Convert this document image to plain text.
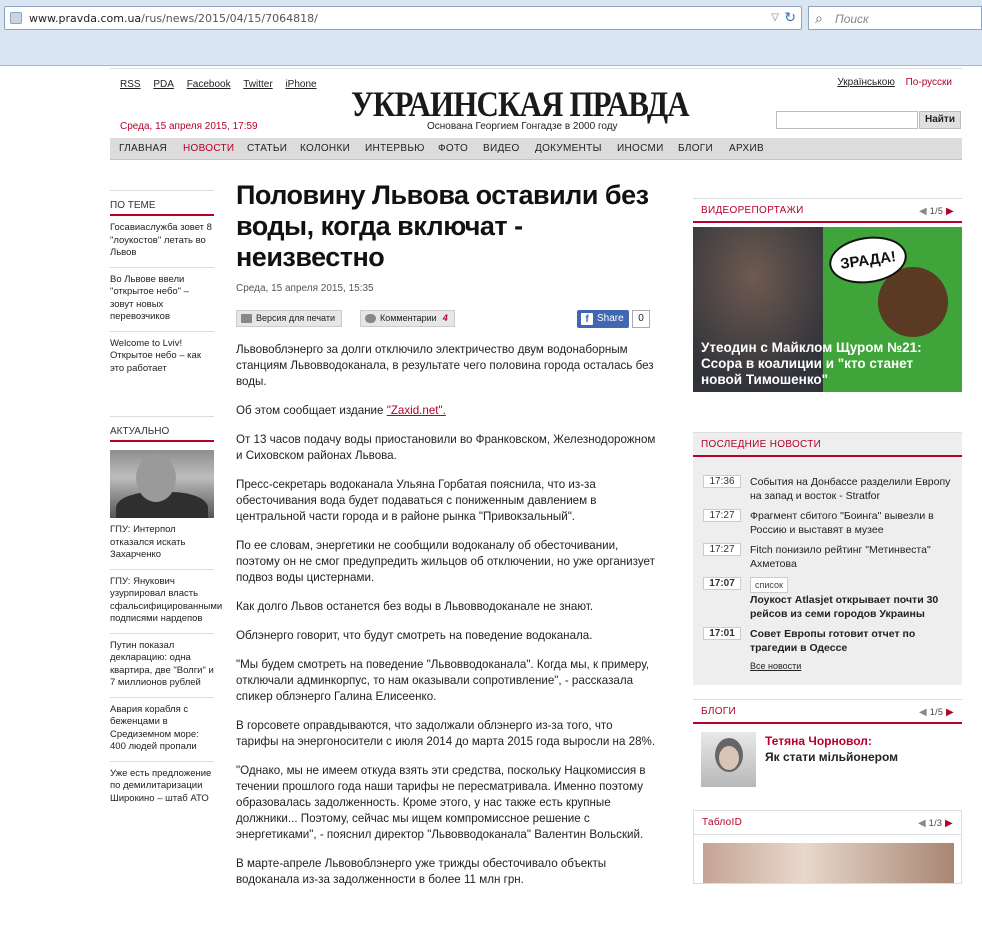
www.pravda.com.ua/rus/news/2015/04/15/7064818/	▽ ↻ ⌕ Поиск
RSS PDA Facebook Twitter iPhone	Українською По-русски
УКРАИНСКАЯ ПРАВДА
Основана Георгием Гонгадзе в 2000 году
Среда, 15 апреля 2015, 17:59
Найти
ГЛАВНАЯ НОВОСТИ СТАТЬИ КОЛОНКИ ИНТЕРВЬЮ ФОТО ВИДЕО ДОКУМЕНТЫ ИНОСМИ БЛОГИ АРХИВ
ПО ТЕМЕ
Госавиаслужба зовет 8 "лоукостов" летать во Львов
Во Львове ввели "открытое небо" – зовут новых перевозчиков
Welcome to Lviv! Открытое небо – как это работает
АКТУАЛЬНО
ГПУ: Интерпол отказался искать Захарченко
ГПУ: Янукович узурпировал власть сфальсифицированными подписями нардепов
Путин показал декларацию: одна квартира, две "Волги" и 7 миллионов рублей
Авария корабля с беженцами в Средиземном море: 400 людей пропали
Уже есть предложение по демилитаризации Широкино – штаб АТО
Половину Львова оставили без воды, когда включат - неизвестно
Среда, 15 апреля 2015, 15:35
Версия для печати	Комментарии 4	f Share	0

Львовоблэнерго за долги отключило электричество двум водонаборным станциям Львовводоканала, в результате чего половина города осталась без воды.

Об этом сообщает издание "Zaxid.net".

От 13 часов подачу воды приостановили во Франковском, Железнодорожном и Сиховском районах Львова.

Пресс-секретарь водоканала Ульяна Горбатая пояснила, что из-за обесточивания вода будет подаваться с пониженным давлением в центральной части города и в районе рынка "Привокзальный".

По ее словам, энергетики не сообщили водоканалу об обесточивании, поэтому он не смог предупредить жильцов об отключении, но уже организует подвоз воды цистернами.

Как долго Львов останется без воды в Львовводоканале не знают.

Облэнерго говорит, что будут смотреть на поведение водоканала.

"Мы будем смотреть на поведение "Львовводоканала". Когда мы, к примеру, отключали админкорпус, то нам оказывали сопротивление", - рассказала спикер облэнерго Галина Елисеенко.

В горсовете оправдываются, что задолжали облэнерго из-за того, что тарифы на энергоносители с июля 2014 до марта 2015 года выросли на 28%.

"Однако, мы не имеем откуда взять эти средства, поскольку Нацкомиссия в течении прошлого года наши тарифы не пересматривала. Именно поэтому образовалась задолженность. Кроме этого, у нас также есть крупные должники... Поэтому, сейчас мы ищем компромиссное решение с энергетиками", - пояснил директор "Львовводоканала" Валентин Вольский.

В марте-апреле Львовоблэнерго уже трижды обесточивало объекты водоканала из-за задолженности в более 11 млн грн.

ВИДЕОРЕПОРТАЖИ	◀ 1/5 ▶
ЗРАДА!
Утеодин с Майклом Щуром №21: Ссора в коалиции и "кто станет новой Тимошенко"
ПОСЛЕДНИЕ НОВОСТИ
17:36	События на Донбассе разделили Европу на запад и восток - Stratfor
17:27	Фрагмент сбитого "Боинга" вывезли в Россию и выставят в музее
17:27	Fitch понизило рейтинг "Метинвеста" Ахметова
17:07	список
Лоукост Atlasjet открывает почти 30 рейсов из семи городов Украины
17:01	Совет Европы готовит отчет по трагедии в Одессе
Все новости
БЛОГИ	◀ 1/5 ▶
Тетяна Чорновол:
Як стати мільйонером
ТаблоID	◀ 1/3 ▶
